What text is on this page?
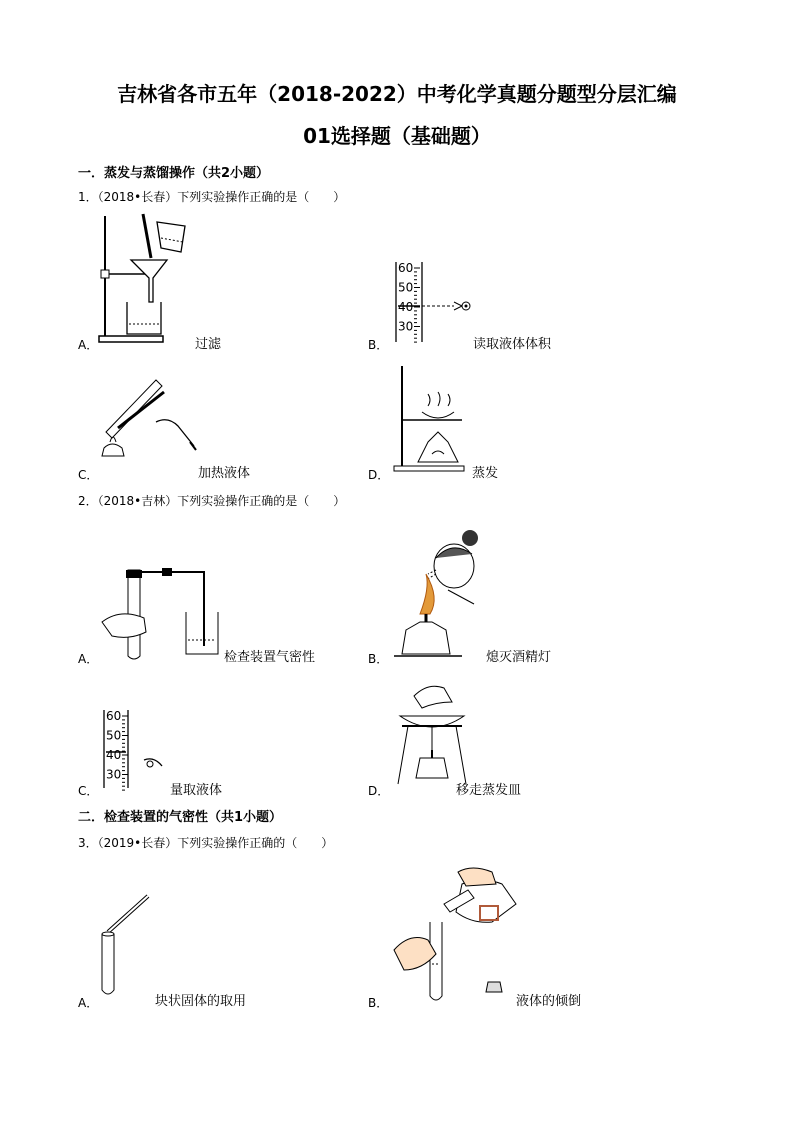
吉林省各市五年（2018-2022）中考化学真题分题型分层汇编
01选择题（基础题）
一．蒸发与蒸馏操作（共2小题）
1．（2018•长春）下列实验操作正确的是（　　）
A．	过滤
60
50
40
30
B．	读取液体体积
C．	加热液体	D．	蒸发
2．（2018•吉林）下列实验操作正确的是（　　）
A．	检查装置气密性	B．	熄灭酒精灯
60
50
40
30
C．	量取液体	D．	移走蒸发皿
二．检查装置的气密性（共1小题）
3．（2019•长春）下列实验操作正确的（　　）
A．	块状固体的取用	B．	液体的倾倒
